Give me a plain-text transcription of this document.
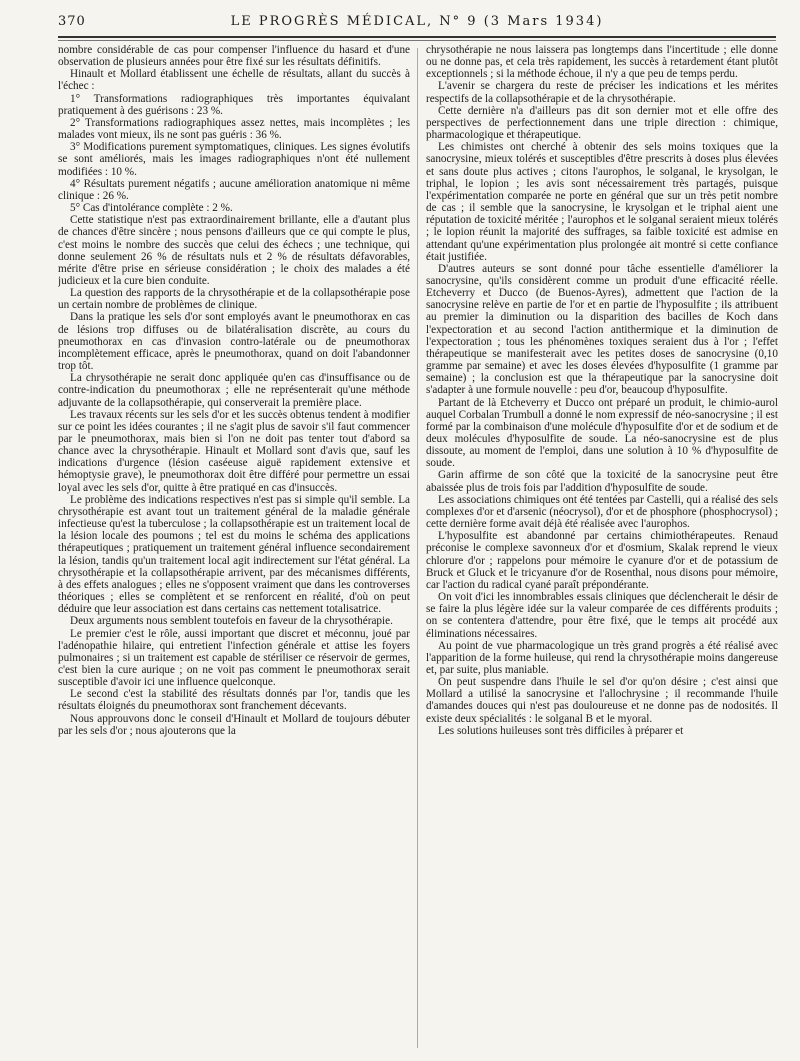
370	LE PROGRÈS MÉDICAL, N° 9 (3 Mars 1934)

nombre considérable de cas pour compenser l'influence du hasard et d'une observation de plusieurs années pour être fixé sur les résultats définitifs.

Hinault et Mollard établissent une échelle de résultats, allant du succès à l'échec :

1° Transformations radiographiques très importantes équivalant pratiquement à des guérisons : 23 %.

2° Transformations radiographiques assez nettes, mais incomplètes ; les malades vont mieux, ils ne sont pas guéris : 36 %.

3° Modifications purement symptomatiques, cliniques. Les signes évolutifs se sont améliorés, mais les images radiographiques n'ont été nullement modifiées : 10 %.

4° Résultats purement négatifs ; aucune amélioration anatomique ni même clinique : 26 %.

5° Cas d'intolérance complète : 2 %.

Cette statistique n'est pas extraordinairement brillante, elle a d'autant plus de chances d'être sincère ; nous pensons d'ailleurs que ce qui compte le plus, c'est moins le nombre des succès que celui des échecs ; une technique, qui donne seulement 26 % de résultats nuls et 2 % de résultats défavorables, mérite d'être prise en sérieuse considération ; le choix des malades a été judicieux et la cure bien conduite.

La question des rapports de la chrysothérapie et de la collapsothérapie pose un certain nombre de problèmes de clinique.

Dans la pratique les sels d'or sont employés avant le pneumothorax en cas de lésions trop diffuses ou de bilatéralisation discrète, au cours du pneumothorax en cas d'invasion contro-latérale ou de pneumothorax incomplètement efficace, après le pneumothorax, quand on doit l'abandonner trop tôt.

La chrysothérapie ne serait donc appliquée qu'en cas d'insuffisance ou de contre-indication du pneumothorax ; elle ne représenterait qu'une méthode adjuvante de la collapsothérapie, qui conserverait la première place.

Les travaux récents sur les sels d'or et les succès obtenus tendent à modifier sur ce point les idées courantes ; il ne s'agit plus de savoir s'il faut commencer par le pneumothorax, mais bien si l'on ne doit pas tenter tout d'abord sa chance avec la chrysothérapie. Hinault et Mollard sont d'avis que, sauf les indications d'urgence (lésion caséeuse aiguë rapidement extensive et hémoptysie grave), le pneumothorax doit être différé pour permettre un essai loyal avec les sels d'or, quitte à être pratiqué en cas d'insuccès.

Le problème des indications respectives n'est pas si simple qu'il semble. La chrysothérapie est avant tout un traitement général de la maladie générale infectieuse qu'est la tuberculose ; la collapsothérapie est un traitement local de la lésion locale des poumons ; tel est du moins le schéma des applications thérapeutiques ; pratiquement un traitement général influence secondairement la lésion, tandis qu'un traitement local agit indirectement sur l'état général. La chrysothérapie et la collapsothérapie arrivent, par des mécanismes différents, à des effets analogues ; elles ne s'opposent vraiment que dans les controverses théoriques ; elles se complètent et se renforcent en réalité, d'où on peut déduire que leur association est dans certains cas nettement totalisatrice.

Deux arguments nous semblent toutefois en faveur de la chrysothérapie.

Le premier c'est le rôle, aussi important que discret et méconnu, joué par l'adénopathie hilaire, qui entretient l'infection générale et attise les foyers pulmonaires ; si un traitement est capable de stériliser ce réservoir de germes, c'est bien la cure aurique ; on ne voit pas comment le pneumothorax serait susceptible d'avoir ici une influence quelconque.

Le second c'est la stabilité des résultats donnés par l'or, tandis que les résultats éloignés du pneumothorax sont franchement décevants.

Nous approuvons donc le conseil d'Hinault et Mollard de toujours débuter par les sels d'or ; nous ajouterons que la

chrysothérapie ne nous laissera pas longtemps dans l'incertitude ; elle donne ou ne donne pas, et cela très rapidement, les succès à retardement étant plutôt exceptionnels ; si la méthode échoue, il n'y a que peu de temps perdu.

L'avenir se chargera du reste de préciser les indications et les mérites respectifs de la collapsothérapie et de la chrysothérapie.

Cette dernière n'a d'ailleurs pas dit son dernier mot et elle offre des perspectives de perfectionnement dans une triple direction : chimique, pharmacologique et thérapeutique.

Les chimistes ont cherché à obtenir des sels moins toxiques que la sanocrysine, mieux tolérés et susceptibles d'être prescrits à doses plus élevées et sans doute plus actives ; citons l'aurophos, le solganal, le krysolgan, le triphal, le lopion ; les avis sont nécessairement très partagés, puisque l'expérimentation comparée ne porte en général que sur un très petit nombre de cas ; il semble que la sanocrysine, le krysolgan et le triphal aient une réputation de toxicité méritée ; l'aurophos et le solganal seraient mieux tolérés ; le lopion réunit la majorité des suffrages, sa faible toxicité est admise en attendant qu'une expérimentation plus prolongée ait montré si cette confiance était justifiée.

D'autres auteurs se sont donné pour tâche essentielle d'améliorer la sanocrysine, qu'ils considèrent comme un produit d'une efficacité réelle. Etcheverry et Ducco (de Buenos-Ayres), admettent que l'action de la sanocrysine relève en partie de l'or et en partie de l'hyposulfite ; ils attribuent au premier la diminution ou la disparition des bacilles de Koch dans l'expectoration et au second l'action antithermique et la diminution de l'expectoration ; tous les phénomènes toxiques seraient dus à l'or ; l'effet thérapeutique se manifesterait avec les petites doses de sanocrysine (0,10 gramme par semaine) et avec les doses élevées d'hyposulfite (1 gramme par semaine) ; la conclusion est que la thérapeutique par la sanocrysine doit s'adapter à une formule nouvelle : peu d'or, beaucoup d'hyposulfite.

Partant de là Etcheverry et Ducco ont préparé un produit, le chimio-aurol auquel Corbalan Trumbull a donné le nom expressif de néo-sanocrysine ; il est formé par la combinaison d'une molécule d'hyposulfite d'or et de sodium et de deux molécules d'hyposulfite de soude. La néo-sanocrysine est de plus dissoute, au moment de l'emploi, dans une solution à 10 % d'hyposulfite de soude.

Garin affirme de son côté que la toxicité de la sanocrysine peut être abaissée plus de trois fois par l'addition d'hyposulfite de soude.

Les associations chimiques ont été tentées par Castelli, qui a réalisé des sels complexes d'or et d'arsenic (néocrysol), d'or et de phosphore (phosphocrysol) ; cette dernière forme avait déjà été réalisée avec l'aurophos.

L'hyposulfite est abandonné par certains chimiothérapeutes. Renaud préconise le complexe savonneux d'or et d'osmium, Skalak reprend le vieux chlorure d'or ; rappelons pour mémoire le cyanure d'or et de potassium de Bruck et Gluck et le tricyanure d'or de Rosenthal, nous disons pour mémoire, car l'action du radical cyané paraît prépondérante.

On voit d'ici les innombrables essais cliniques que déclencherait le désir de se faire la plus légère idée sur la valeur comparée de ces différents produits ; on se contentera d'attendre, pour être fixé, que le temps ait procédé aux éliminations nécessaires.

Au point de vue pharmacologique un très grand progrès a été réalisé avec l'apparition de la forme huileuse, qui rend la chrysothérapie moins dangereuse et, par suite, plus maniable.

On peut suspendre dans l'huile le sel d'or qu'on désire ; c'est ainsi que Mollard a utilisé la sanocrysine et l'allochrysine ; il recommande l'huile d'amandes douces qui n'est pas douloureuse et ne donne pas de nodosités. Il existe deux spécialités : le solganal B et le myoral.

Les solutions huileuses sont très difficiles à préparer et
